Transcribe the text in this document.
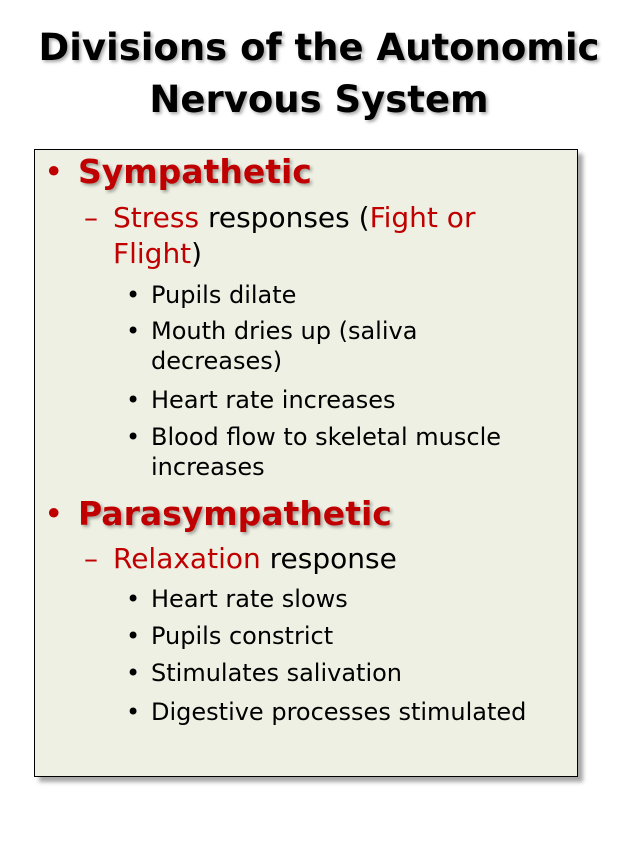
Divisions of the Autonomic
Nervous System
• Sympathetic
– Stress responses (Fight or
Flight)
• Pupils dilate
• Mouth dries up (saliva
decreases)
• Heart rate increases
• Blood flow to skeletal muscle
increases
• Parasympathetic
– Relaxation response
• Heart rate slows
• Pupils constrict
• Stimulates salivation
• Digestive processes stimulated
